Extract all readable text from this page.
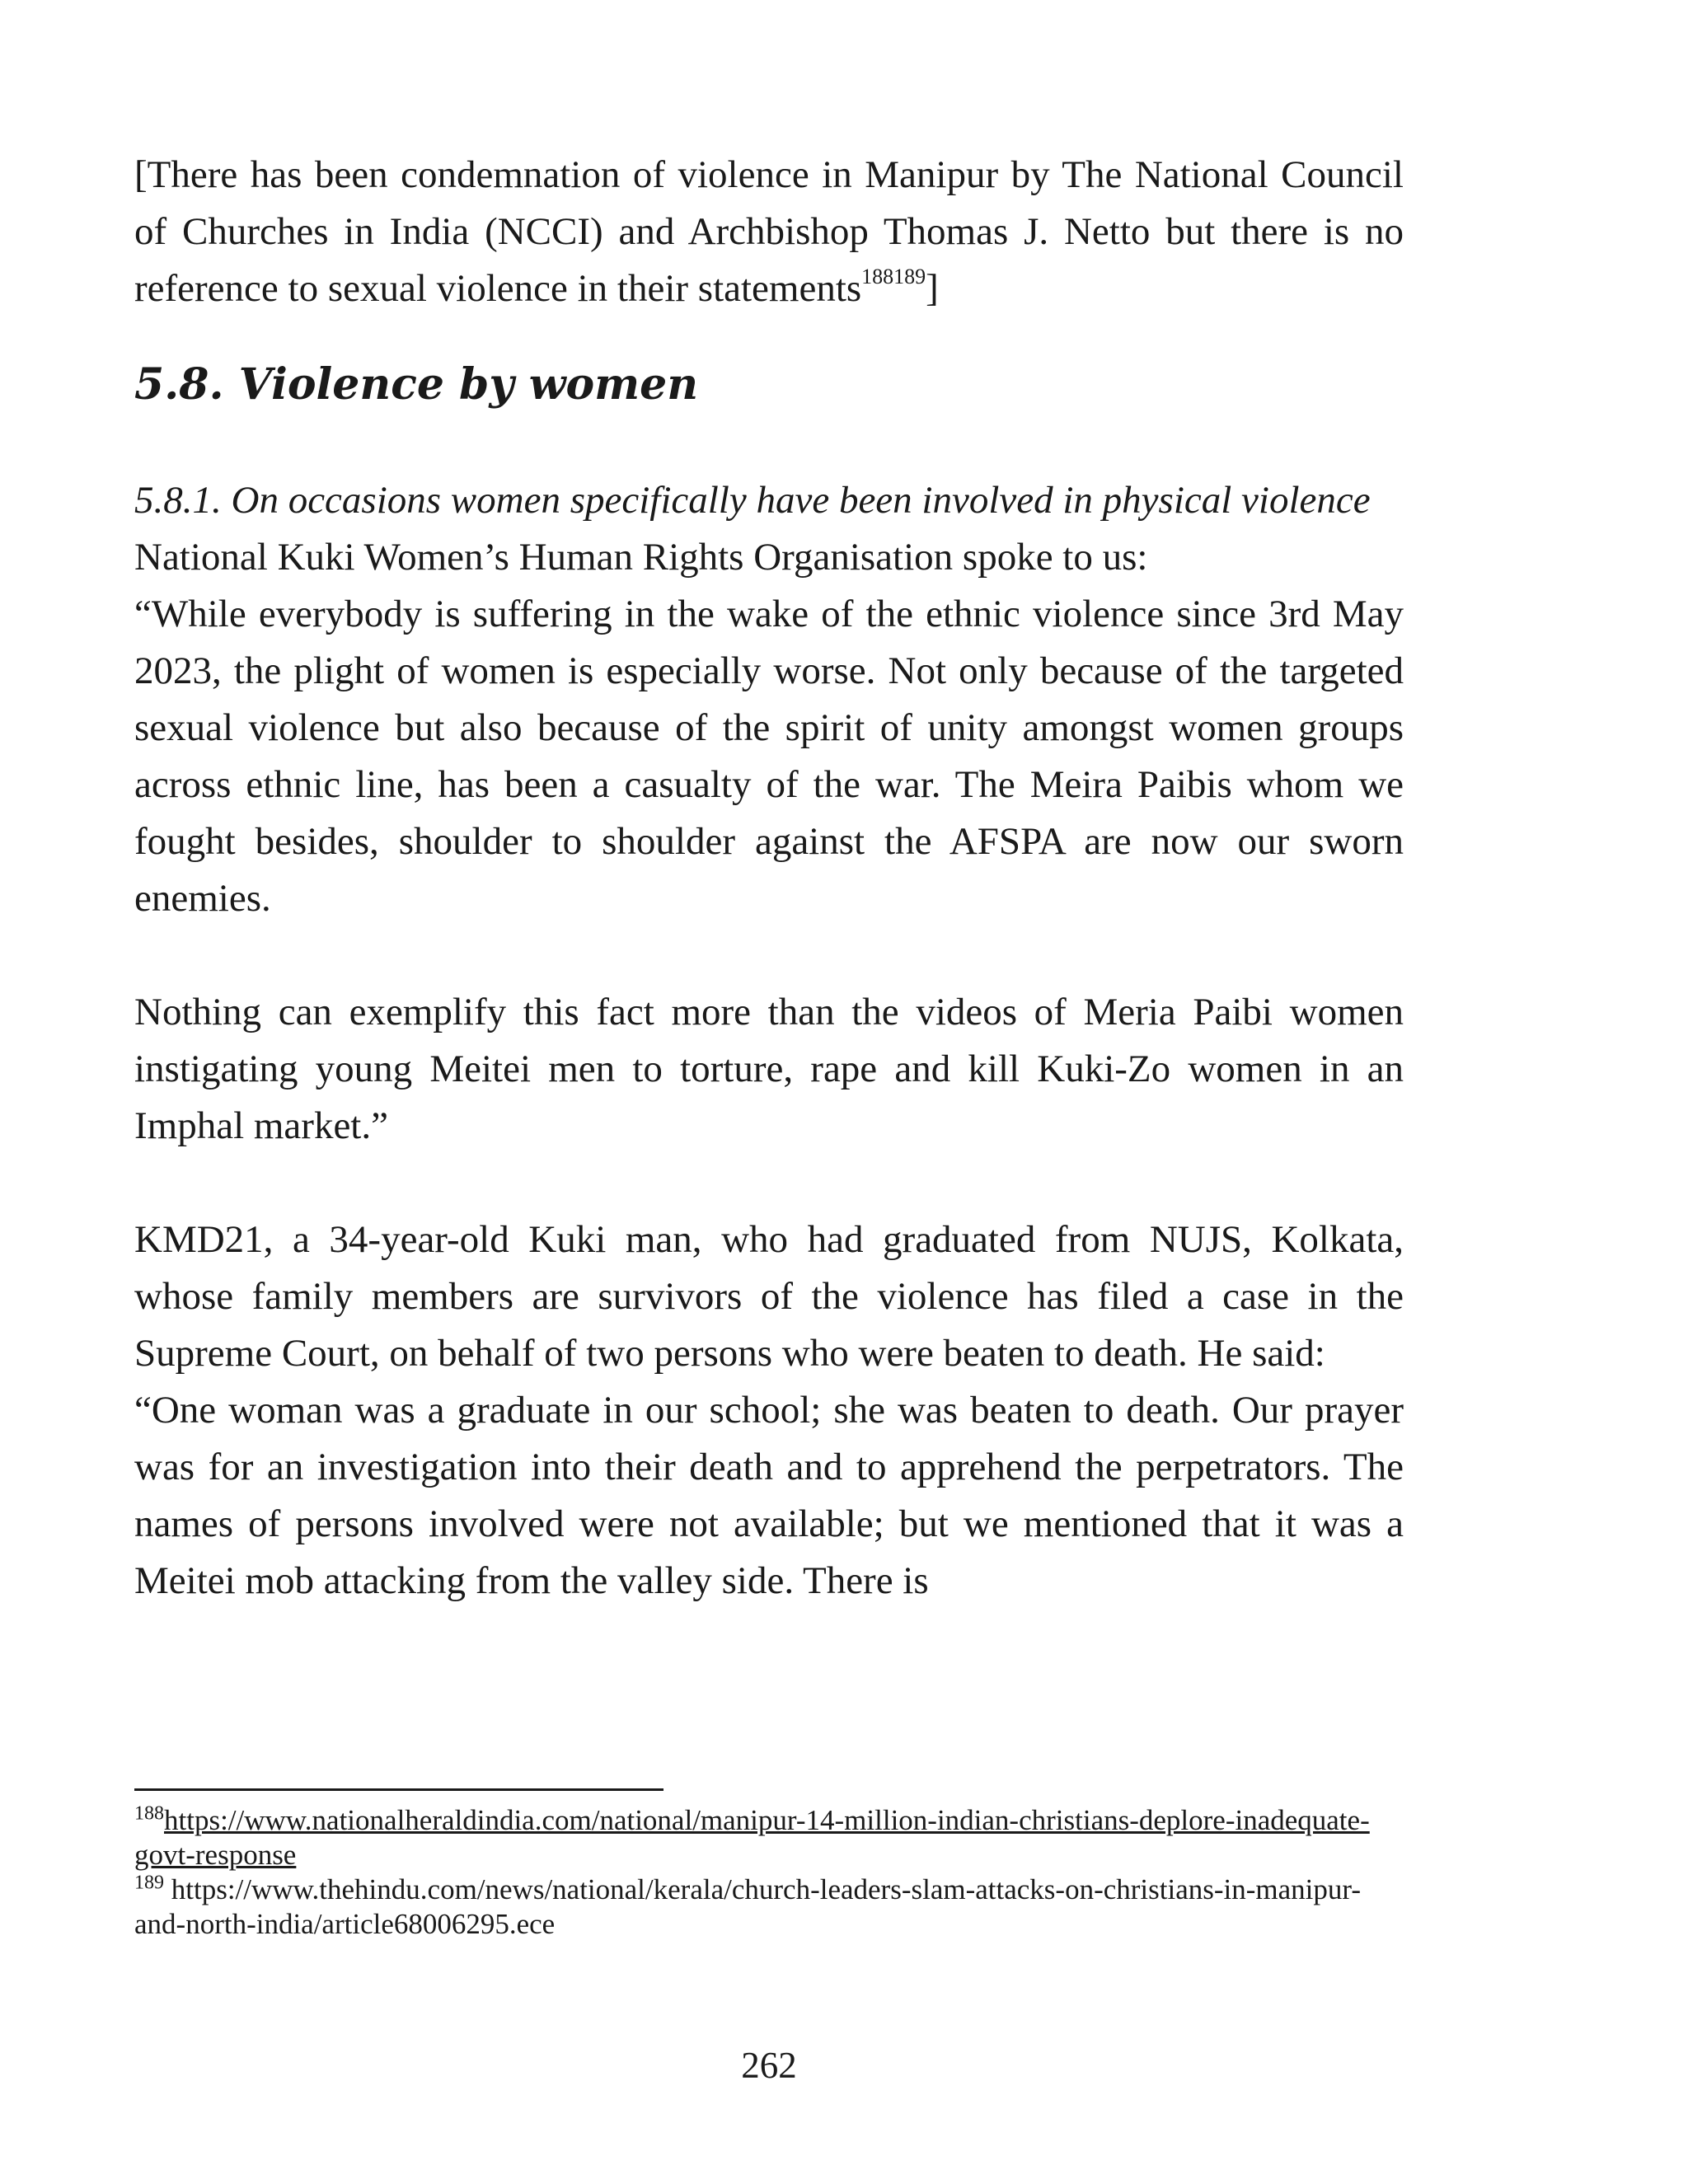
[There has been condemnation of violence in Manipur by The National Council of Churches in India (NCCI) and Archbishop Thomas J. Netto but there is no reference to sexual violence in their statements$^{188189}$]

5.8. Violence by women

5.8.1. On occasions women specifically have been involved in physical violence

National Kuki Women’s Human Rights Organisation spoke to us:

“While everybody is suffering in the wake of the ethnic violence since 3rd May 2023, the plight of women is especially worse. Not only because of the targeted sexual violence but also because of the spirit of unity amongst women groups across ethnic line, has been a casualty of the war. The Meira Paibis whom we fought besides, shoulder to shoulder against the AFSPA are now our sworn enemies.

Nothing can exemplify this fact more than the videos of Meria Paibi women instigating young Meitei men to torture, rape and kill Kuki-Zo women in an Imphal market.”

KMD21, a 34-year-old Kuki man, who had graduated from NUJS, Kolkata, whose family members are survivors of the violence has filed a case in the Supreme Court, on behalf of two persons who were beaten to death. He said:

“One woman was a graduate in our school; she was beaten to death. Our prayer was for an investigation into their death and to apprehend the perpetrators. The names of persons involved were not available; but we mentioned that it was a Meitei mob attacking from the valley side. There is

$^{188}$https://www.nationalheraldindia.com/national/manipur-14-million-indian-christians-deplore-inadequate-govt-response

$^{189}$ https://www.thehindu.com/news/national/kerala/church-leaders-slam-attacks-on-christians-in-manipur-and-north-india/article68006295.ece

262
